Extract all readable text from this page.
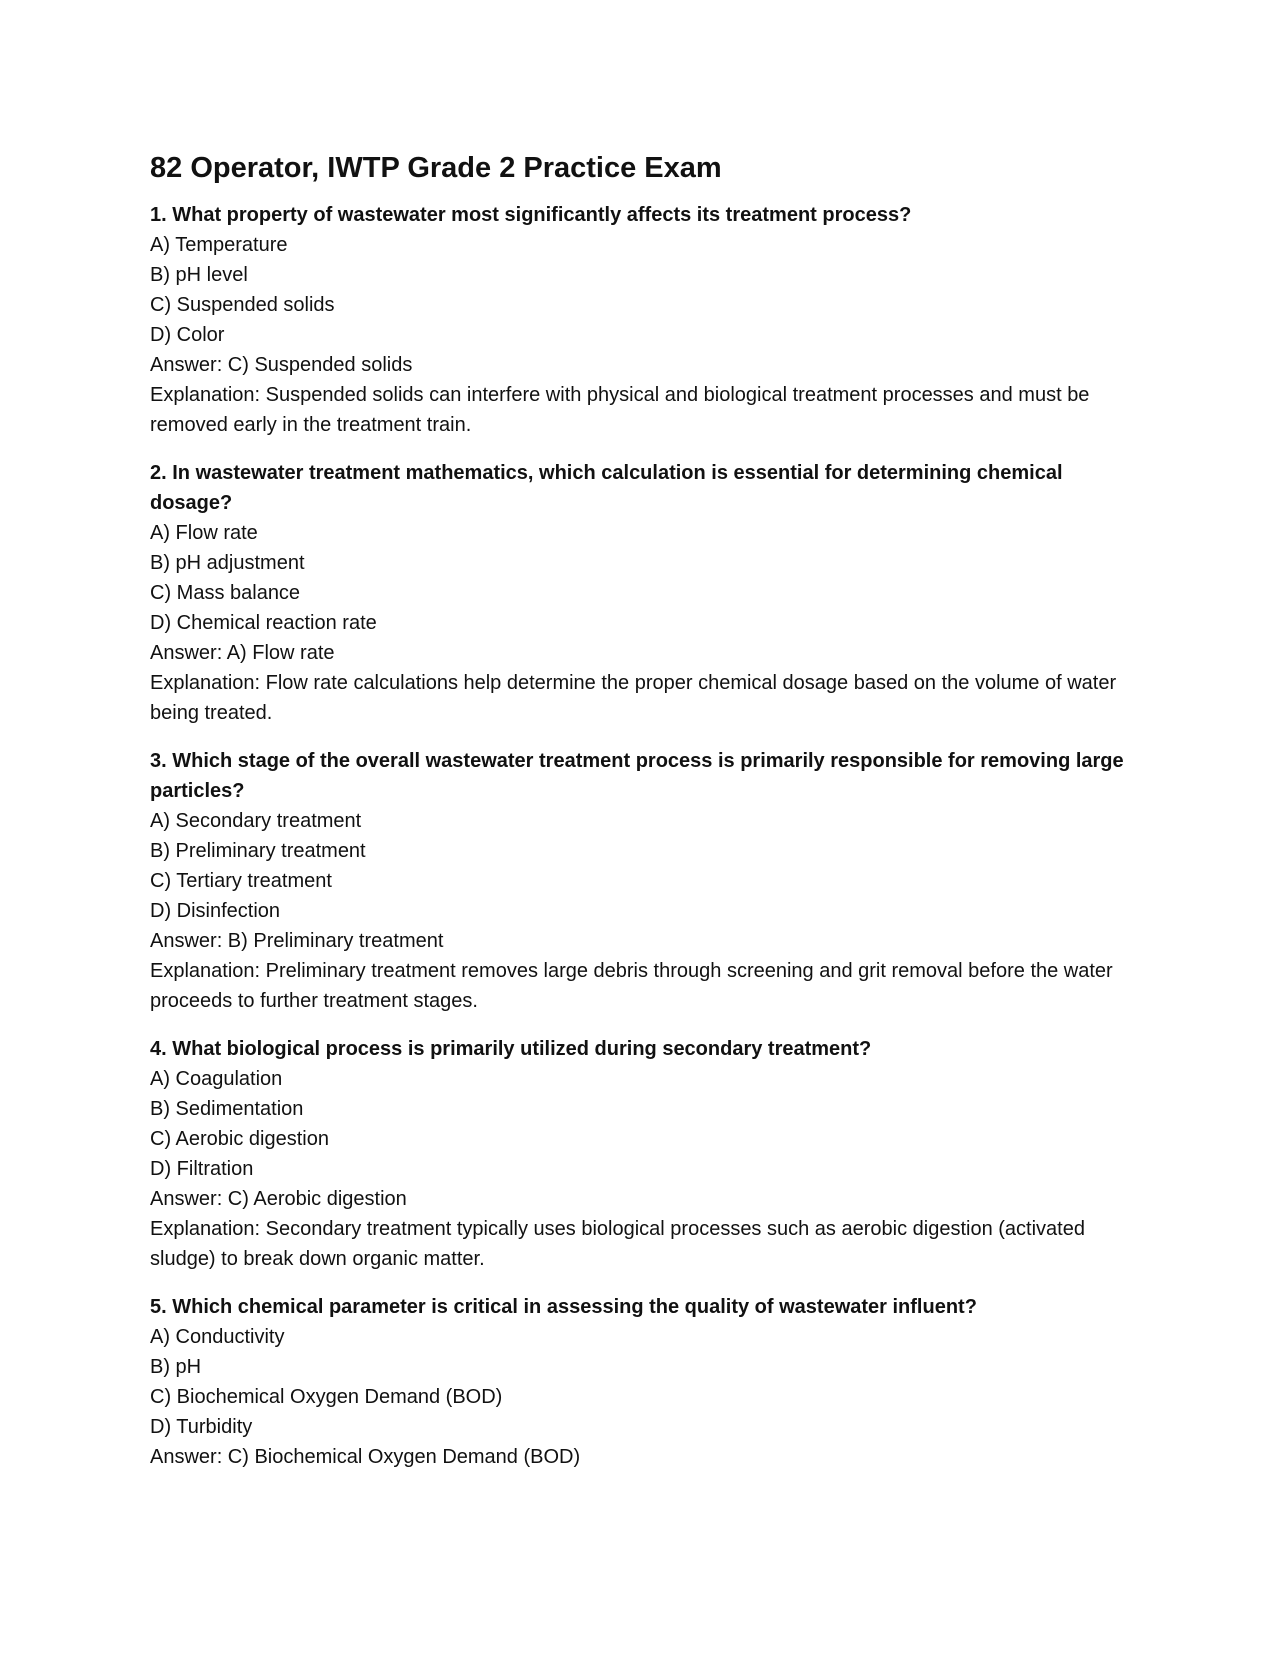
82 Operator, IWTP Grade 2 Practice Exam

1. What property of wastewater most significantly affects its treatment process?

A) Temperature

B) pH level

C) Suspended solids

D) Color

Answer: C) Suspended solids

Explanation: Suspended solids can interfere with physical and biological treatment processes and must be removed early in the treatment train.

2. In wastewater treatment mathematics, which calculation is essential for determining chemical dosage?

A) Flow rate

B) pH adjustment

C) Mass balance

D) Chemical reaction rate

Answer: A) Flow rate

Explanation: Flow rate calculations help determine the proper chemical dosage based on the volume of water being treated.

3. Which stage of the overall wastewater treatment process is primarily responsible for removing large particles?

A) Secondary treatment

B) Preliminary treatment

C) Tertiary treatment

D) Disinfection

Answer: B) Preliminary treatment

Explanation: Preliminary treatment removes large debris through screening and grit removal before the water proceeds to further treatment stages.

4. What biological process is primarily utilized during secondary treatment?

A) Coagulation

B) Sedimentation

C) Aerobic digestion

D) Filtration

Answer: C) Aerobic digestion

Explanation: Secondary treatment typically uses biological processes such as aerobic digestion (activated sludge) to break down organic matter.

5. Which chemical parameter is critical in assessing the quality of wastewater influent?

A) Conductivity

B) pH

C) Biochemical Oxygen Demand (BOD)

D) Turbidity

Answer: C) Biochemical Oxygen Demand (BOD)
